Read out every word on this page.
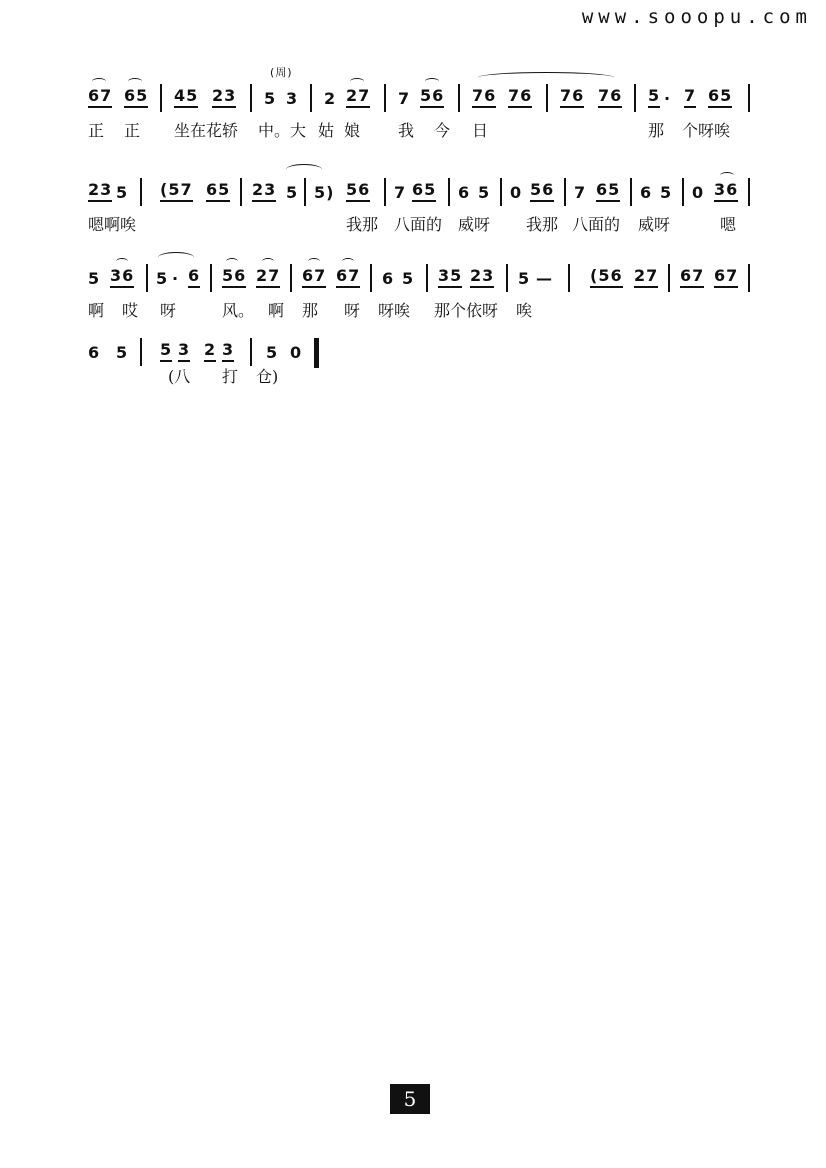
www.sooopu.com
(周)
67 65 45 23 5 3 2 27 7 56 76 76 76 76 5 · 7 65
正 正 坐在花轿 中。大 姑 娘 我 今 日	那 个呀唉
23 5 (57 65 23 5 5) 56 7 65 6 5 0 56 7 65 6 5 0 36
嗯啊唉	我那 八面的 威呀 我那 八面的 威呀	嗯
5 36 5 · 6 56 27 67 67 6 5 35 23 5 — (56 27 67 67
啊 哎 呀	风。 啊 那 呀 呀唉 那个依呀 唉
6 5 5 3 2 3 5 0
(八 打 仓)
5
